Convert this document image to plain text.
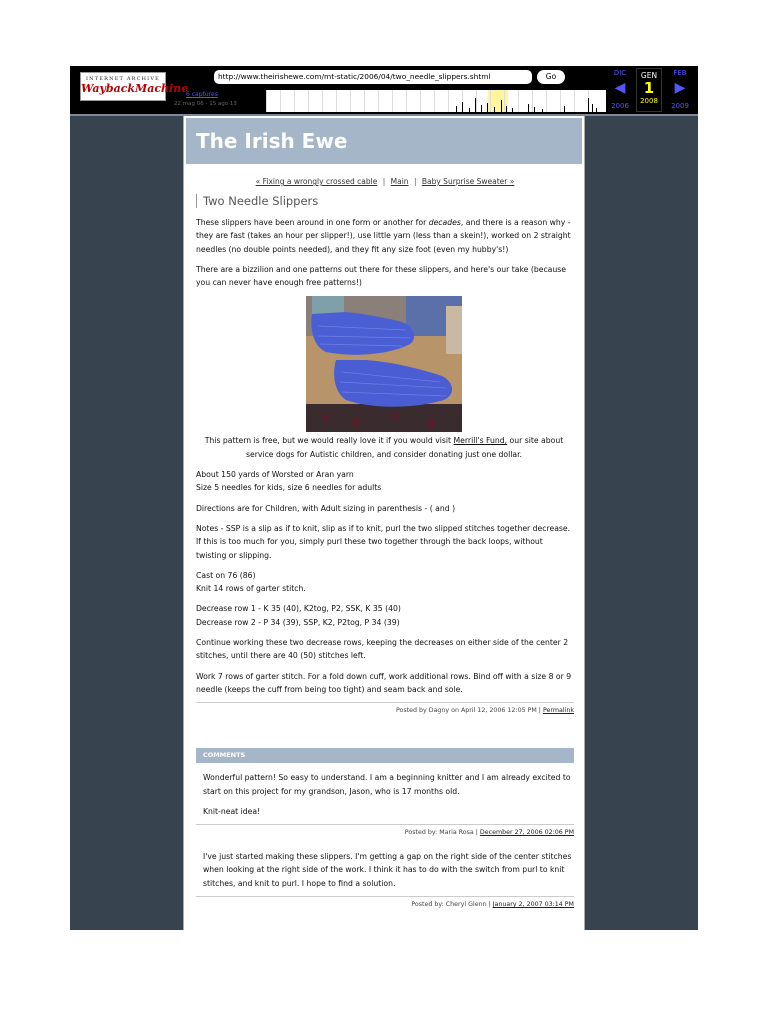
INTERNET ARCHIVE
WaybackMachine
http://www.theirishewe.com/mt-static/2006/04/two_needle_slippers.shtml	Go
6 captures
22 mag 06 - 15 ago 13
DIC
◀
2006
GEN
1
2008
FEB
▶
2009
The Irish Ewe
« Fixing a wrongly crossed cable | Main | Baby Surprise Sweater »
Two Needle Slippers

These slippers have been around in one form or another for decades, and there is a reason why - they are fast (takes an hour per slipper!), use little yarn (less than a skein!), worked on 2 straight needles (no double points needed), and they fit any size foot (even my hubby's!)

There are a bizzilion and one patterns out there for these slippers, and here's our take (because you can never have enough free patterns!)

This pattern is free, but we would really love it if you would visit Merrill's Fund, our site about service dogs for Autistic children, and consider donating just one dollar.

About 150 yards of Worsted or Aran yarn
Size 5 needles for kids, size 6 needles for adults

Directions are for Children, with Adult sizing in parenthesis - ( and )

Notes - SSP is a slip as if to knit, slip as if to knit, purl the two slipped stitches together decrease. If this is too much for you, simply purl these two together through the back loops, without twisting or slipping.

Cast on 76 (86)
Knit 14 rows of garter stitch.

Decrease row 1 - K 35 (40), K2tog, P2, SSK, K 35 (40)
Decrease row 2 - P 34 (39), SSP, K2, P2tog, P 34 (39)

Continue working these two decrease rows, keeping the decreases on either side of the center 2 stitches, until there are 40 (50) stitches left.

Work 7 rows of garter stitch. For a fold down cuff, work additional rows. Bind off with a size 8 or 9 needle (keeps the cuff from being too tight) and seam back and sole.

Posted by Dagny on April 12, 2006 12:05 PM | Permalink
COMMENTS

Wonderful pattern! So easy to understand. I am a beginning knitter and I am already excited to start on this project for my grandson, Jason, who is 17 months old.

Knit-neat idea!

Posted by: Maria Rosa | December 27, 2006 02:06 PM

I've just started making these slippers. I'm getting a gap on the right side of the center stitches when looking at the right side of the work. I think it has to do with the switch from purl to knit stitches, and knit to purl. I hope to find a solution.

Posted by: Cheryl Glenn | January 2, 2007 03:14 PM
